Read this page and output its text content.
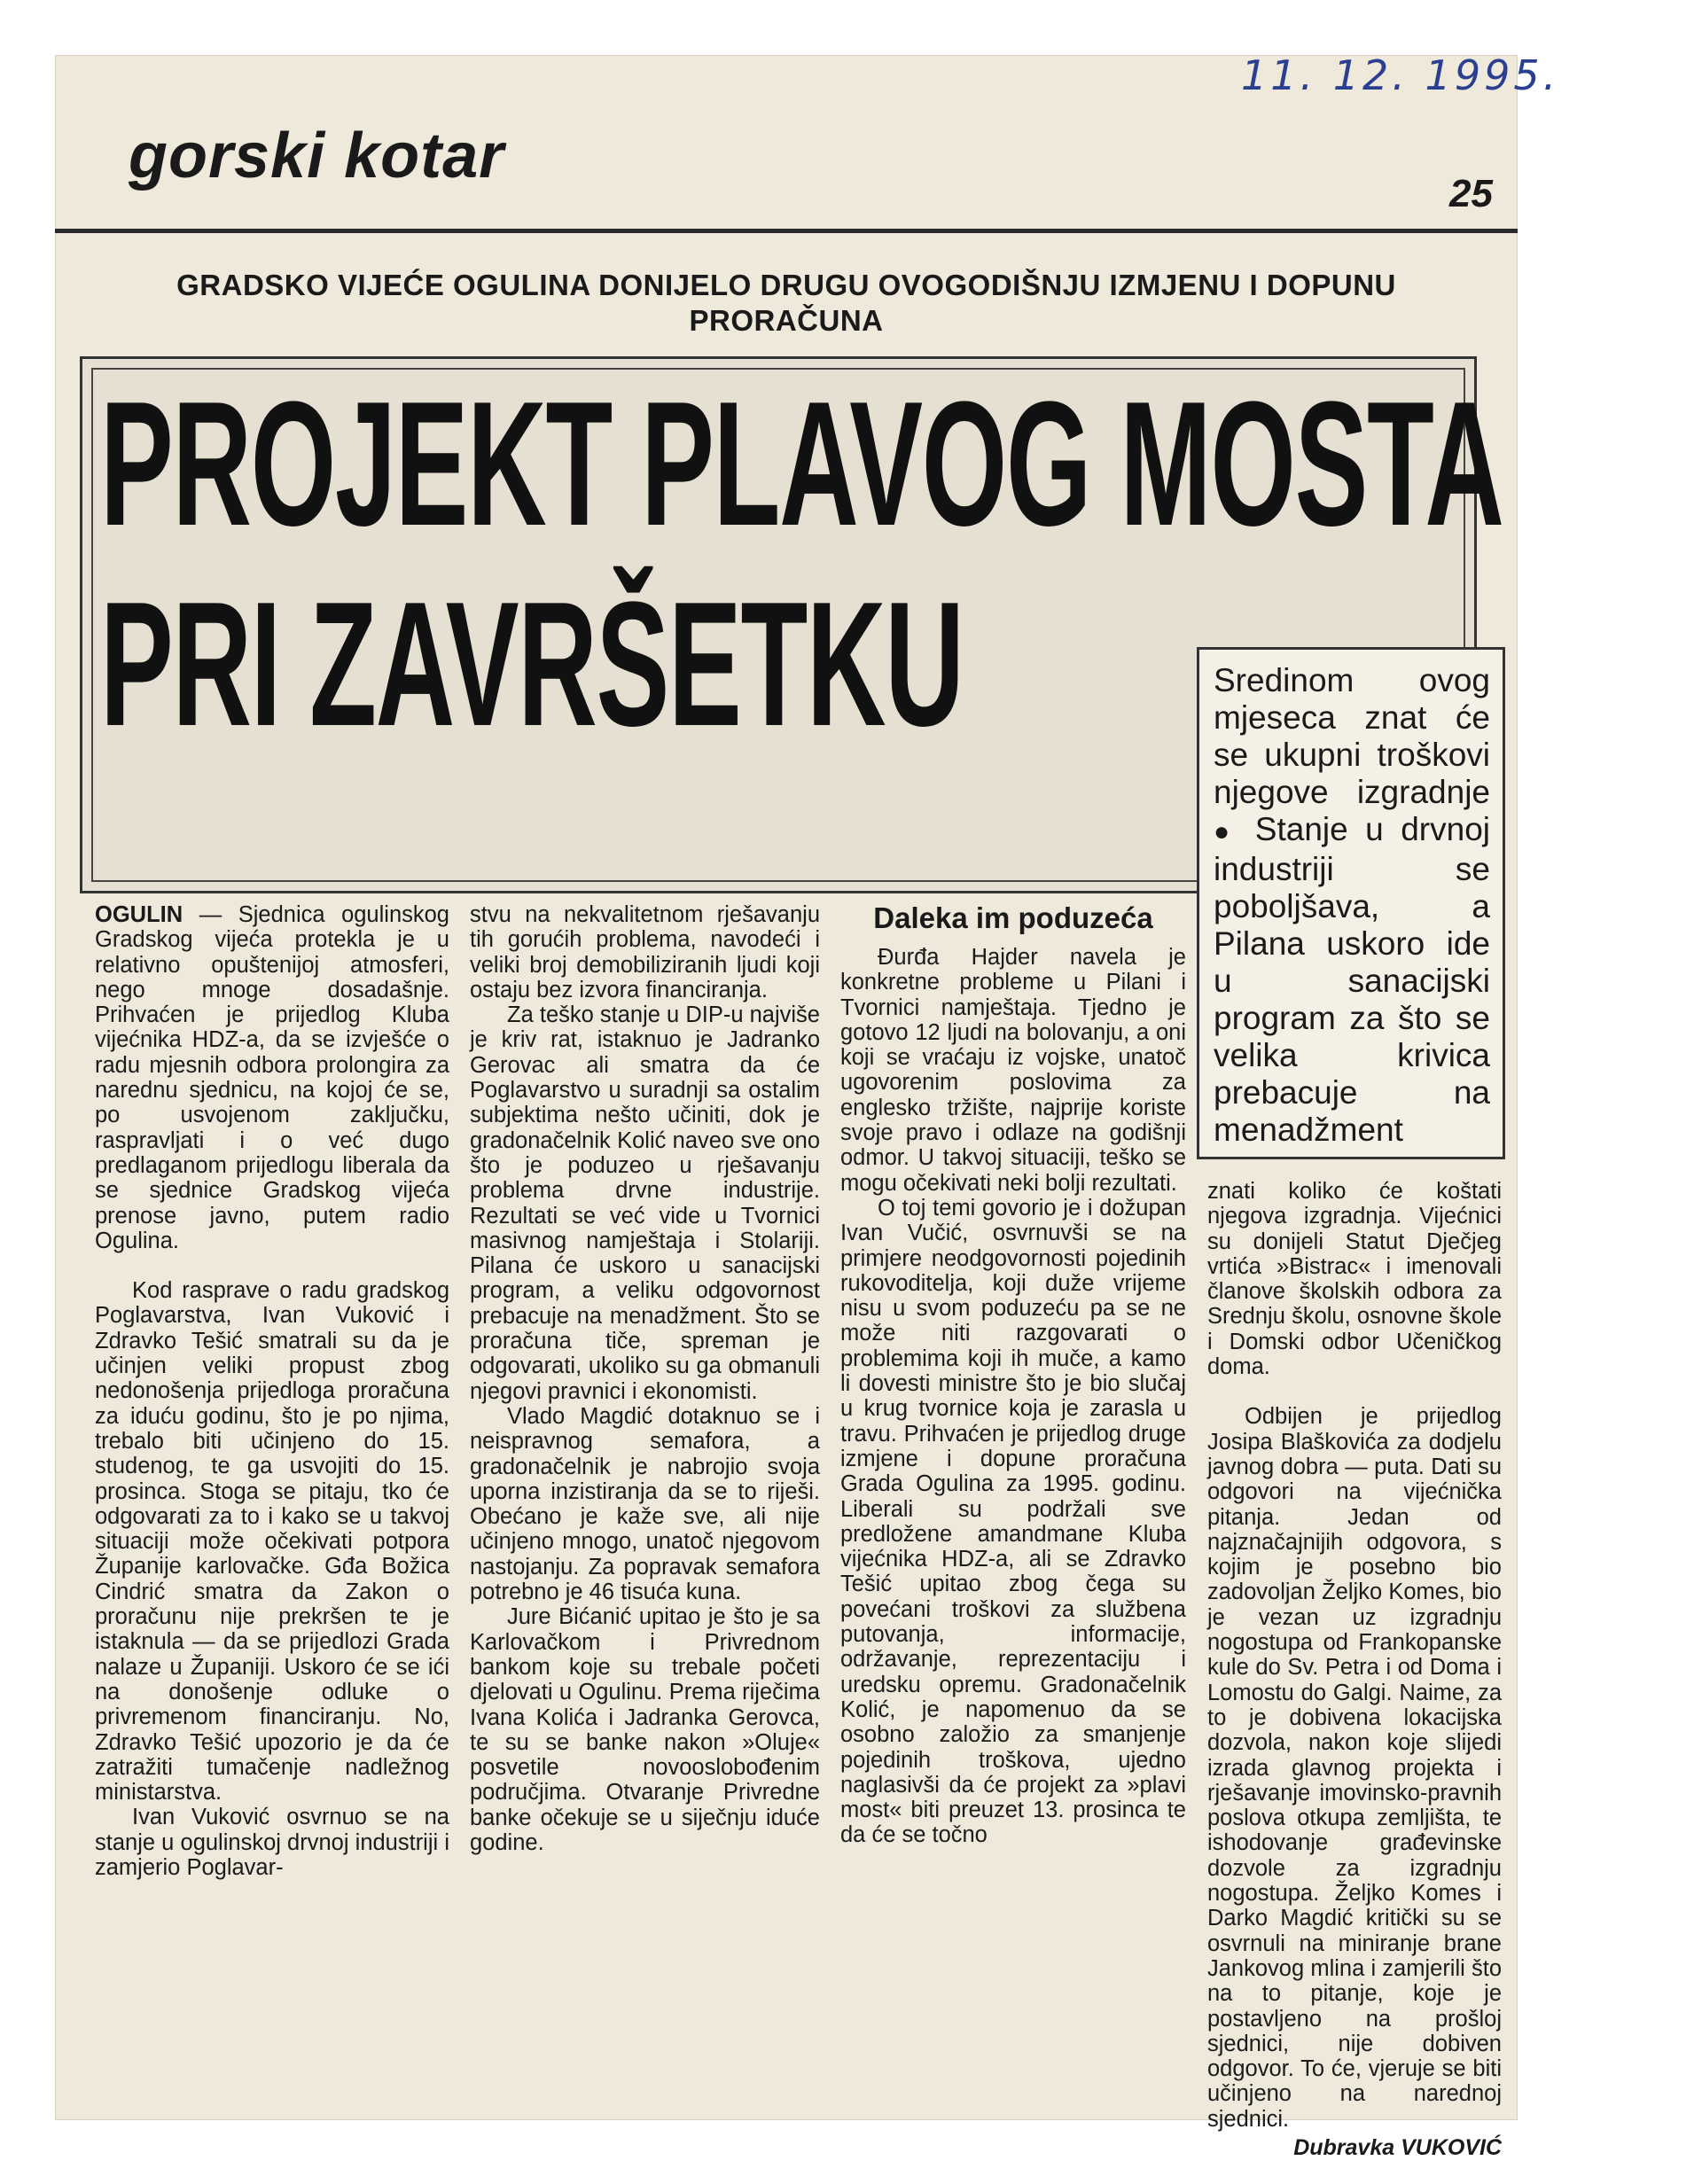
gorski kotar
25
GRADSKO VIJEĆE OGULINA DONIJELO DRUGU OVOGODIŠNJU IZMJENU I DOPUNU PRORAČUNA
PROJEKT PLAVOG MOSTA
PRI ZAVRŠETKU	Sredinom ovog mjeseca znat će se ukupni troškovi njegove izgradnje ● Stanje u drvnoj industriji se poboljšava, a Pilana uskoro ide u sanacijski program za što se velika krivica prebacuje na menadžment

OGULIN — Sjednica ogulinskog Gradskog vijeća protekla je u relativno opuštenijoj atmosferi, nego mnoge dosadašnje. Prihvaćen je prijedlog Kluba vijećnika HDZ-a, da se izvješće o radu mjesnih odbora prolongira za narednu sjednicu, na kojoj će se, po usvojenom zaključku, raspravljati i o već dugo predlaganom prijedlogu liberala da se sjednice Gradskog vijeća prenose javno, putem radio Ogulina.

Kod rasprave o radu gradskog Poglavarstva, Ivan Vuković i Zdravko Tešić smatrali su da je učinjen veliki propust zbog nedonošenja prijedloga proračuna za iduću godinu, što je po njima, trebalo biti učinjeno do 15. studenog, te ga usvojiti do 15. prosinca. Stoga se pitaju, tko će odgovarati za to i kako se u takvoj situaciji može očekivati potpora Županije karlovačke. Gđa Božica Cindrić smatra da Zakon o proračunu nije prekršen te je istaknula — da se prijedlozi Grada nalaze u Županiji. Uskoro će se ići na donošenje odluke o privremenom financiranju. No, Zdravko Tešić upozorio je da će zatražiti tumačenje nadležnog ministarstva.

Ivan Vuković osvrnuo se na stanje u ogulinskoj drvnoj industriji i zamjerio Poglavar-

stvu na nekvalitetnom rješavanju tih gorućih problema, navodeći i veliki broj demobiliziranih ljudi koji ostaju bez izvora financiranja.

Za teško stanje u DIP-u najviše je kriv rat, istaknuo je Jadranko Gerovac ali smatra da će Poglavarstvo u suradnji sa ostalim subjektima nešto učiniti, dok je gradonačelnik Kolić naveo sve ono što je poduzeo u rješavanju problema drvne industrije. Rezultati se već vide u Tvornici masivnog namještaja i Stolariji. Pilana će uskoro u sanacijski program, a veliku odgovornost prebacuje na menadžment. Što se proračuna tiče, spreman je odgovarati, ukoliko su ga obmanuli njegovi pravnici i ekonomisti.

Vlado Magdić dotaknuo se i neispravnog semafora, a gradonačelnik je nabrojio svoja uporna inzistiranja da se to riješi. Obećano je kaže sve, ali nije učinjeno mnogo, unatoč njegovom nastojanju. Za popravak semafora potrebno je 46 tisuća kuna.

Jure Bićanić upitao je što je sa Karlovačkom i Privrednom bankom koje su trebale početi djelovati u Ogulinu. Prema riječima Ivana Kolića i Jadranka Gerovca, te su se banke nakon »Oluje« posvetile novooslobođenim područjima. Otvaranje Privredne banke očekuje se u siječnju iduće godine.

Daleka im poduzeća

Đurđa Hajder navela je konkretne probleme u Pilani i Tvornici namještaja. Tjedno je gotovo 12 ljudi na bolovanju, a oni koji se vraćaju iz vojske, unatoč ugovorenim poslovima za englesko tržište, najprije koriste svoje pravo i odlaze na godišnji odmor. U takvoj situaciji, teško se mogu očekivati neki bolji rezultati.

O toj temi govorio je i dožupan Ivan Vučić, osvrnuvši se na primjere neodgovornosti pojedinih rukovoditelja, koji duže vrijeme nisu u svom poduzeću pa se ne može niti razgovarati o problemima koji ih muče, a kamo li dovesti ministre što je bio slučaj u krug tvornice koja je zarasla u travu. Prihvaćen je prijedlog druge izmjene i dopune proračuna Grada Ogulina za 1995. godinu. Liberali su podržali sve predložene amandmane Kluba vijećnika HDZ-a, ali se Zdravko Tešić upitao zbog čega su povećani troškovi za službena putovanja, informacije, održavanje, reprezentaciju i uredsku opremu. Gradonačelnik Kolić, je napomenuo da se osobno založio za smanjenje pojedinih troškova, ujedno naglasivši da će projekt za »plavi most« biti preuzet 13. prosinca te da će se točno

znati koliko će koštati njegova izgradnja. Vijećnici su donijeli Statut Dječjeg vrtića »Bistrac« i imenovali članove školskih odbora za Srednju školu, osnovne škole i Domski odbor Učeničkog doma.

Odbijen je prijedlog Josipa Blaškovića za dodjelu javnog dobra — puta. Dati su odgovori na vijećnička pitanja. Jedan od najznačajnijih odgovora, s kojim je posebno bio zadovoljan Željko Komes, bio je vezan uz izgradnju nogostupa od Frankopanske kule do Sv. Petra i od Doma i Lomostu do Galgi. Naime, za to je dobivena lokacijska dozvola, nakon koje slijedi izrada glavnog projekta i rješavanje imovinsko-pravnih poslova otkupa zemljišta, te ishodovanje građevinske dozvole za izgradnju nogostupa. Željko Komes i Darko Magdić kritički su se osvrnuli na miniranje brane Jankovog mlina i zamjerili što na to pitanje, koje je postavljeno na prošloj sjednici, nije dobiven odgovor. To će, vjeruje se biti učinjeno na narednoj sjednici.

Dubravka VUKOVIĆ
11. 12. 1995.
